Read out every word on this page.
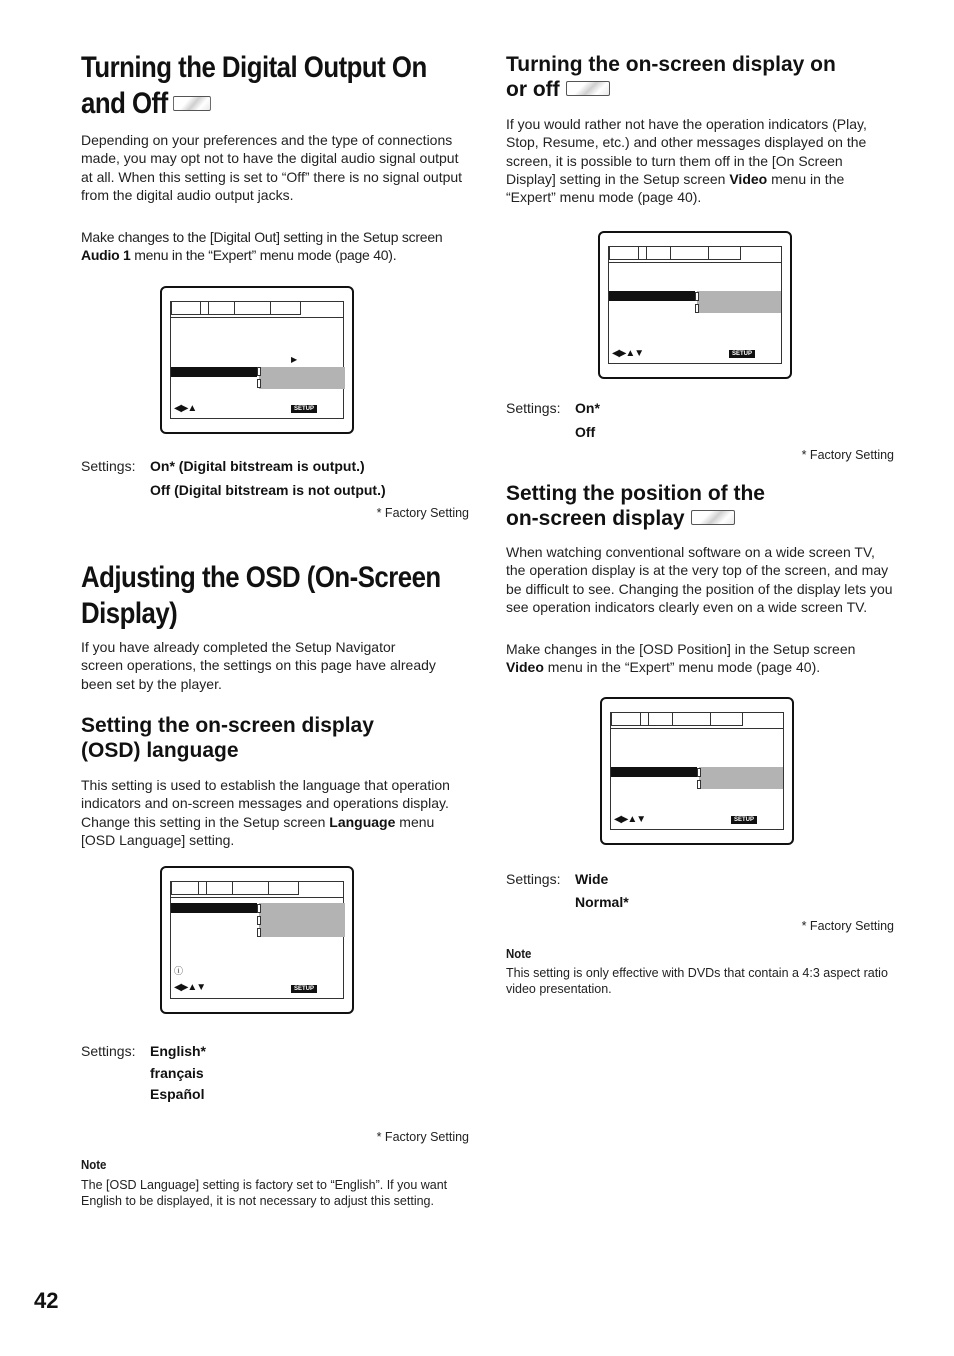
Turning the Digital Output On
and Off
Depending on your preferences and the type of connections made, you may opt not to have the digital audio signal output at all. When this setting is set to “Off” there is no signal output from the digital audio output jacks.
Make changes to the [Digital Out] setting in the Setup screen Audio 1 menu in the “Expert” menu mode (page 40).
▶
◀▶▲	SETUP
Settings: On* (Digital bitstream is output.)
Off (Digital bitstream is not output.)
* Factory Setting
Adjusting the OSD (On-Screen
Display)
If you have already completed the Setup Navigator screen operations, the settings on this page have already been set by the player.
Setting the on-screen display
(OSD) language
This setting is used to establish the language that operation indicators and on-screen messages and operations display. Change this setting in the Setup screen Language menu [OSD Language] setting.
ⓘ
◀▶▲▼	SETUP
Settings: English*
français
Español
* Factory Setting
Note
The [OSD Language] setting is factory set to “English”. If you want English to be displayed, it is not necessary to adjust this setting.
Turning the on-screen display on
or off
If you would rather not have the operation indicators (Play, Stop, Resume, etc.) and other messages displayed on the screen, it is possible to turn them off in the [On Screen Display] setting in the Setup screen Video menu in the “Expert” menu mode (page 40).
◀▶▲▼	SETUP
Settings: On*
Off
* Factory Setting
Setting the position of the
on-screen display
When watching conventional software on a wide screen TV, the operation display is at the very top of the screen, and may be difficult to see. Changing the position of the display lets you see operation indicators clearly even on a wide screen TV.
Make changes in the [OSD Position] in the Setup screen Video menu in the “Expert” menu mode (page 40).
◀▶▲▼	SETUP
Settings: Wide
Normal*
* Factory Setting
Note
This setting is only effective with DVDs that contain a 4:3 aspect ratio video presentation.
42
